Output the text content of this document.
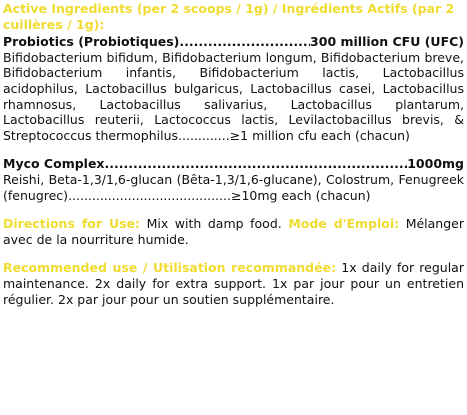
Active Ingredients (per 2 scoops / 1g) / Ingrédients Actifs (par 2 cuillères / 1g):

Probiotics (Probiotiques) .....	300 million CFU (UFC)

Bifidobacterium bifidum, Bifidobacterium longum, Bifidobacterium breve, Bifidobacterium infantis, Bifidobacterium lactis, Lactobacillus acidophilus, Lactobacillus bulgaricus, Lactobacillus casei, Lactobacillus rhamnosus, Lactobacillus salivarius, Lactobacillus plantarum, Lactobacillus reuterii, Lactococcus lactis, Levilactobacillus brevis, & Streptococcus thermophilus.............≥1 million cfu each (chacun)

Myco Complex .....	1000mg

Reishi, Beta-1,3/1,6-glucan (Bêta-1,3/1,6-glucane), Colostrum, Fenugreek (fenugrec).........................................≥10mg each (chacun)

Directions for Use: Mix with damp food. Mode d'Emploi: Mélanger avec de la nourriture humide.

Recommended use / Utilisation recommandée: 1x daily for regular maintenance. 2x daily for extra support. 1x par jour pour un entretien régulier. 2x par jour pour un soutien supplémentaire.
